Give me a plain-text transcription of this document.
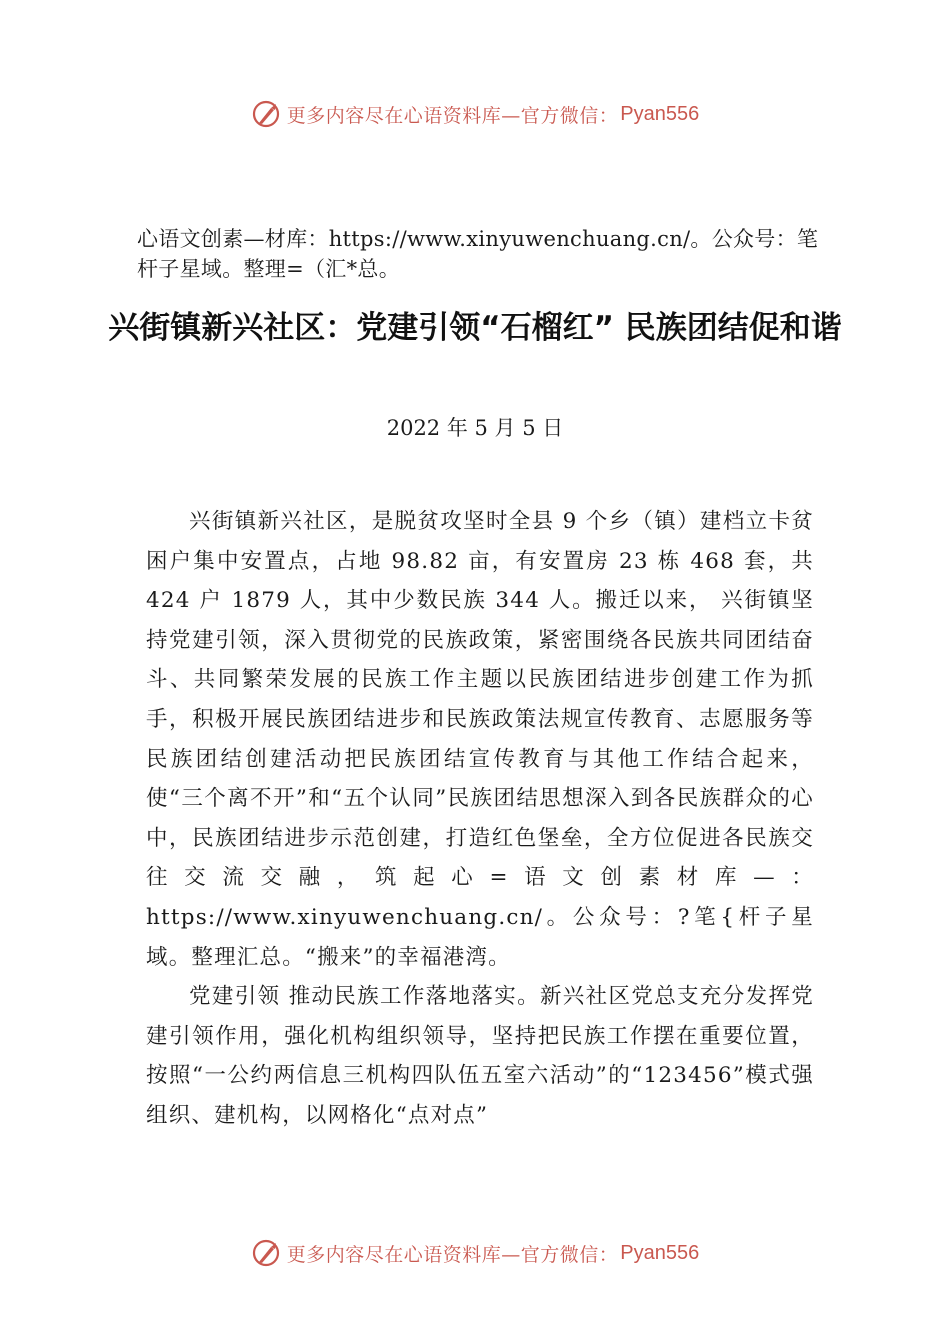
更多内容尽在心语资料库—官方微信： Pyan556
心语文创素—材库：https://www.xinyuwenchuang.cn/。公众号：笔杆子星域。整理=（汇*总。
兴街镇新兴社区：党建引领“石榴红” 民族团结促和谐
2022 年 5 月 5 日

兴街镇新兴社区，是脱贫攻坚时全县 9 个乡（镇）建档立卡贫困户集中安置点，占地 98.82 亩，有安置房 23 栋 468 套，共 424 户 1879 人，其中少数民族 344 人。搬迁以来， 兴街镇坚持党建引领，深入贯彻党的民族政策，紧密围绕各民族共同团结奋斗、共同繁荣发展的民族工作主题以民族团结进步创建工作为抓手，积极开展民族团结进步和民族政策法规宣传教育、志愿服务等民族团结创建活动把民族团结宣传教育与其他工作结合起来，使“三个离不开”和“五个认同”民族团结思想深入到各民族群众的心中，民族团结进步示范创建，打造红色堡垒，全方位促进各民族交往交流交融，筑起心=语文创素材库—：https://www.xinyuwenchuang.cn/。公众号：?笔{杆子星域。整理汇总。“搬来”的幸福港湾。

党建引领 推动民族工作落地落实。新兴社区党总支充分发挥党建引领作用，强化机构组织领导，坚持把民族工作摆在重要位置，按照“一公约两信息三机构四队伍五室六活动”的“123456”模式强组织、建机构，以网格化“点对点”

更多内容尽在心语资料库—官方微信： Pyan556
